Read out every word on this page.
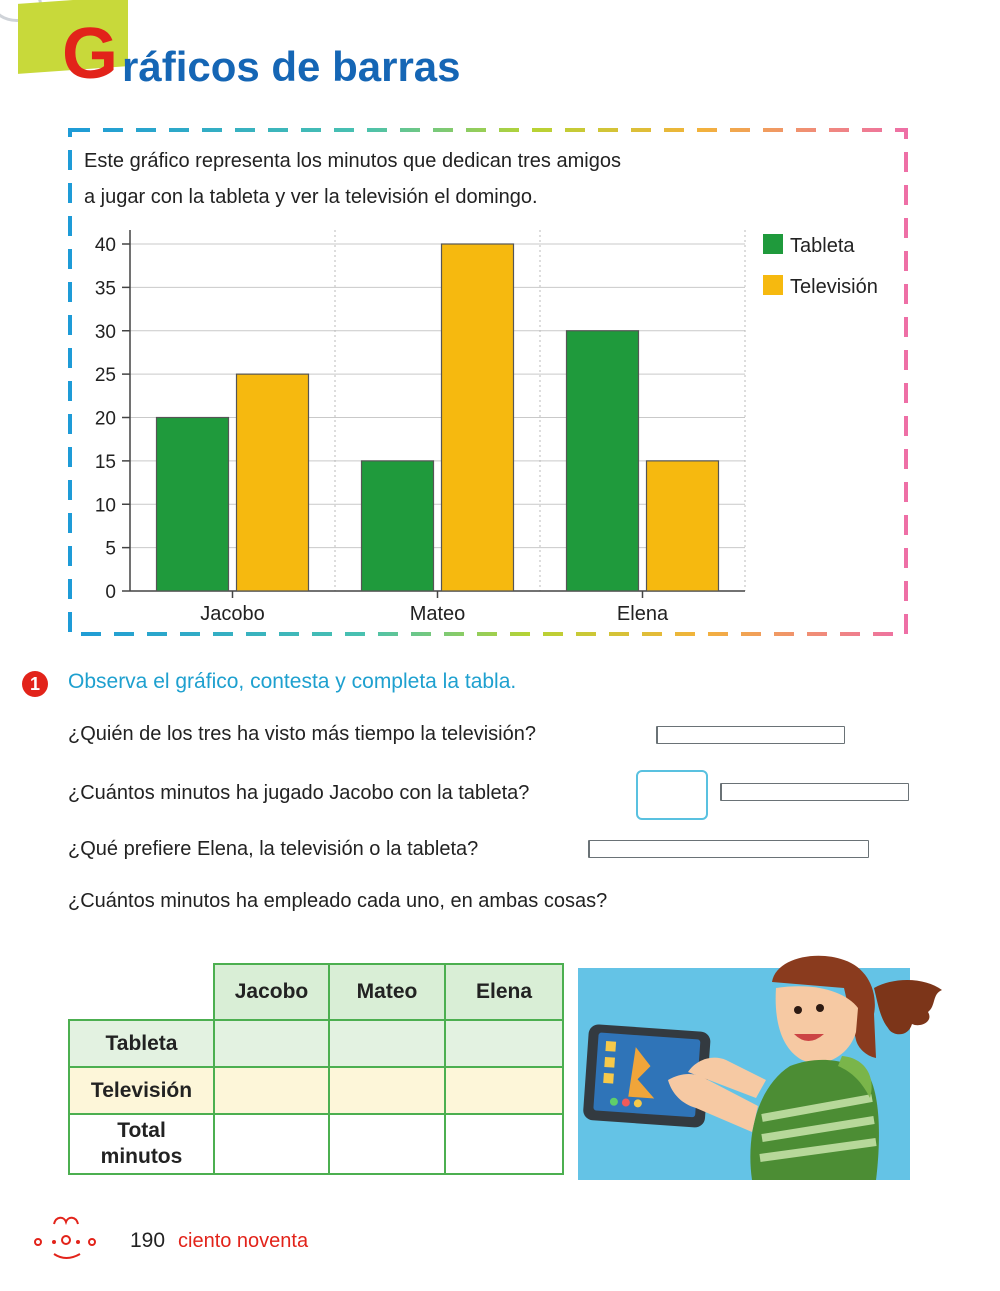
G ráficos de barras
0
5
10
15
20
25
30
35
40
Jacobo	Mateo	Elena
Tableta
Televisión
Este gráfico representa los minutos que dedican tres amigos
a jugar con la tableta y ver la televisión el domingo.
1	Observa el gráfico, contesta y completa la tabla.
¿Quién de los tres ha visto más tiempo la televisión?
¿Cuántos minutos ha jugado Jacobo con la tableta?
¿Qué prefiere Elena, la televisión o la tableta?
¿Cuántos minutos ha empleado cada uno, en ambas cosas?
Jacobo	Mateo	Elena
Tableta
Televisión
Total minutos
190 ciento noventa
